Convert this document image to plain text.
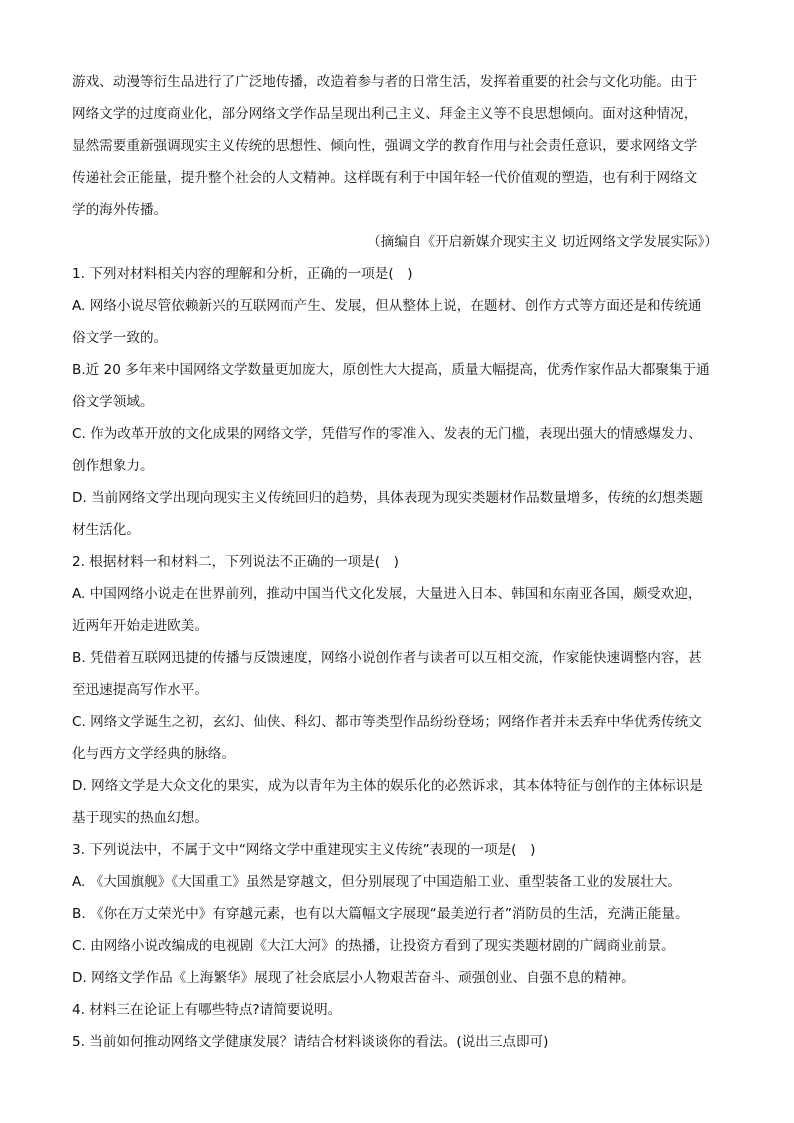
游戏、动漫等衍生品进行了广泛地传播，改造着参与者的日常生活，发挥着重要的社会与文化功能。由于
网络文学的过度商业化，部分网络文学作品呈现出利己主义、拜金主义等不良思想倾向。面对这种情况，
显然需要重新强调现实主义传统的思想性、倾向性，强调文学的教育作用与社会责任意识，要求网络文学
传递社会正能量，提升整个社会的人文精神。这样既有利于中国年轻一代价值观的塑造，也有利于网络文
学的海外传播。
（摘编自《开启新媒介现实主义 切近网络文学发展实际》）
1. 下列对材料相关内容的理解和分析，正确的一项是(　)
A. 网络小说尽管依赖新兴的互联网而产生、发展，但从整体上说，在题材、创作方式等方面还是和传统通
俗文学一致的。
B.近 20 多年来中国网络文学数量更加庞大，原创性大大提高，质量大幅提高，优秀作家作品大都聚集于通
俗文学领域。
C. 作为改革开放的文化成果的网络文学，凭借写作的零准入、发表的无门槛，表现出强大的情感爆发力、
创作想象力。
D. 当前网络文学出现向现实主义传统回归的趋势，具体表现为现实类题材作品数量增多，传统的幻想类题
材生活化。
2. 根据材料一和材料二，下列说法不正确的一项是(　)
A. 中国网络小说走在世界前列，推动中国当代文化发展，大量进入日本、韩国和东南亚各国，颇受欢迎，
近两年开始走进欧美。
B. 凭借着互联网迅捷的传播与反馈速度，网络小说创作者与读者可以互相交流，作家能快速调整内容，甚
至迅速提高写作水平。
C. 网络文学诞生之初，玄幻、仙侠、科幻、都市等类型作品纷纷登场；网络作者并未丢弃中华优秀传统文
化与西方文学经典的脉络。
D. 网络文学是大众文化的果实，成为以青年为主体的娱乐化的必然诉求，其本体特征与创作的主体标识是
基于现实的热血幻想。
3. 下列说法中，不属于文中“网络文学中重建现实主义传统”表现的一项是(　)
A. 《大国旗舰》《大国重工》虽然是穿越文，但分别展现了中国造船工业、重型装备工业的发展壮大。
B. 《你在万丈荣光中》有穿越元素，也有以大篇幅文字展现“最美逆行者”消防员的生活，充满正能量。
C. 由网络小说改编成的电视剧《大江大河》的热播，让投资方看到了现实类题材剧的广阔商业前景。
D. 网络文学作品《上海繁华》展现了社会底层小人物艰苦奋斗、顽强创业、自强不息的精神。
4. 材料三在论证上有哪些特点?请简要说明。
5. 当前如何推动网络文学健康发展？请结合材料谈谈你的看法。(说出三点即可)
